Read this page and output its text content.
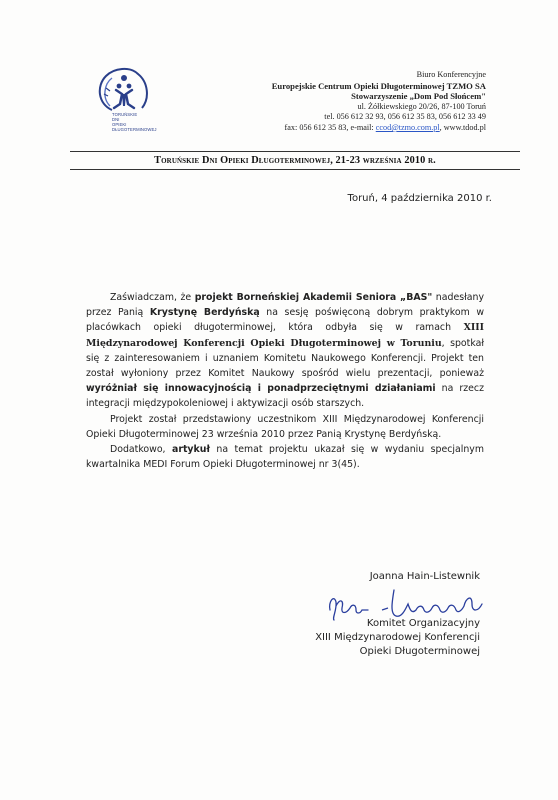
TORUŃSKIE
DNI
OPIEKI
DŁUGOTERMINOWEJ
Biuro Konferencyjne
Europejskie Centrum Opieki Długoterminowej TZMO SA
Stowarzyszenie „Dom Pod Słońcem"
ul. Żółkiewskiego 20/26, 87-100 Toruń
tel. 056 612 32 93, 056 612 35 83, 056 612 33 49
fax: 056 612 35 83, e-mail: ccod@tzmo.com.pl, www.tdod.pl
Toruńskie Dni Opieki Długoterminowej, 21-23 września 2010 r.
Toruń, 4 października 2010 r.

Zaświadczam, że projekt Borneńskiej Akademii Seniora „BAS" nadesłany przez Panią Krystynę Berdyńską na sesję poświęconą dobrym praktykom w placówkach opieki długoterminowej, która odbyła się w ramach XIII Międzynarodowej Konferencji Opieki Długoterminowej w Toruniu, spotkał się z zainteresowaniem i uznaniem Komitetu Naukowego Konferencji. Projekt ten został wyłoniony przez Komitet Naukowy spośród wielu prezentacji, ponieważ wyróżniał się innowacyjnością i ponadprzeciętnymi działaniami na rzecz integracji międzypokoleniowej i aktywizacji osób starszych.

Projekt został przedstawiony uczestnikom XIII Międzynarodowej Konferencji Opieki Długoterminowej 23 września 2010 przez Panią Krystynę Berdyńską.

Dodatkowo, artykuł na temat projektu ukazał się w wydaniu specjalnym kwartalnika MEDI Forum Opieki Długoterminowej nr 3(45).

Joanna Hain-Listewnik
Komitet Organizacyjny
XIII Międzynarodowej Konferencji
Opieki Długoterminowej
